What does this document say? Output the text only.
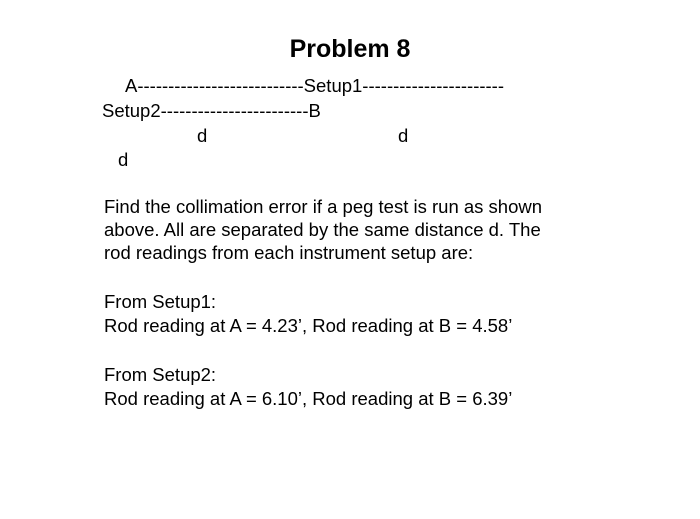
Problem 8
A---------------------------Setup1-----------------------
Setup2------------------------B
d	d
d
Find the collimation error if a peg test is run as shown
above. All are separated by the same distance d. The
rod readings from each instrument setup are:
From Setup1:
Rod reading at A = 4.23’, Rod reading at B = 4.58’
From Setup2:
Rod reading at A = 6.10’, Rod reading at B = 6.39’
